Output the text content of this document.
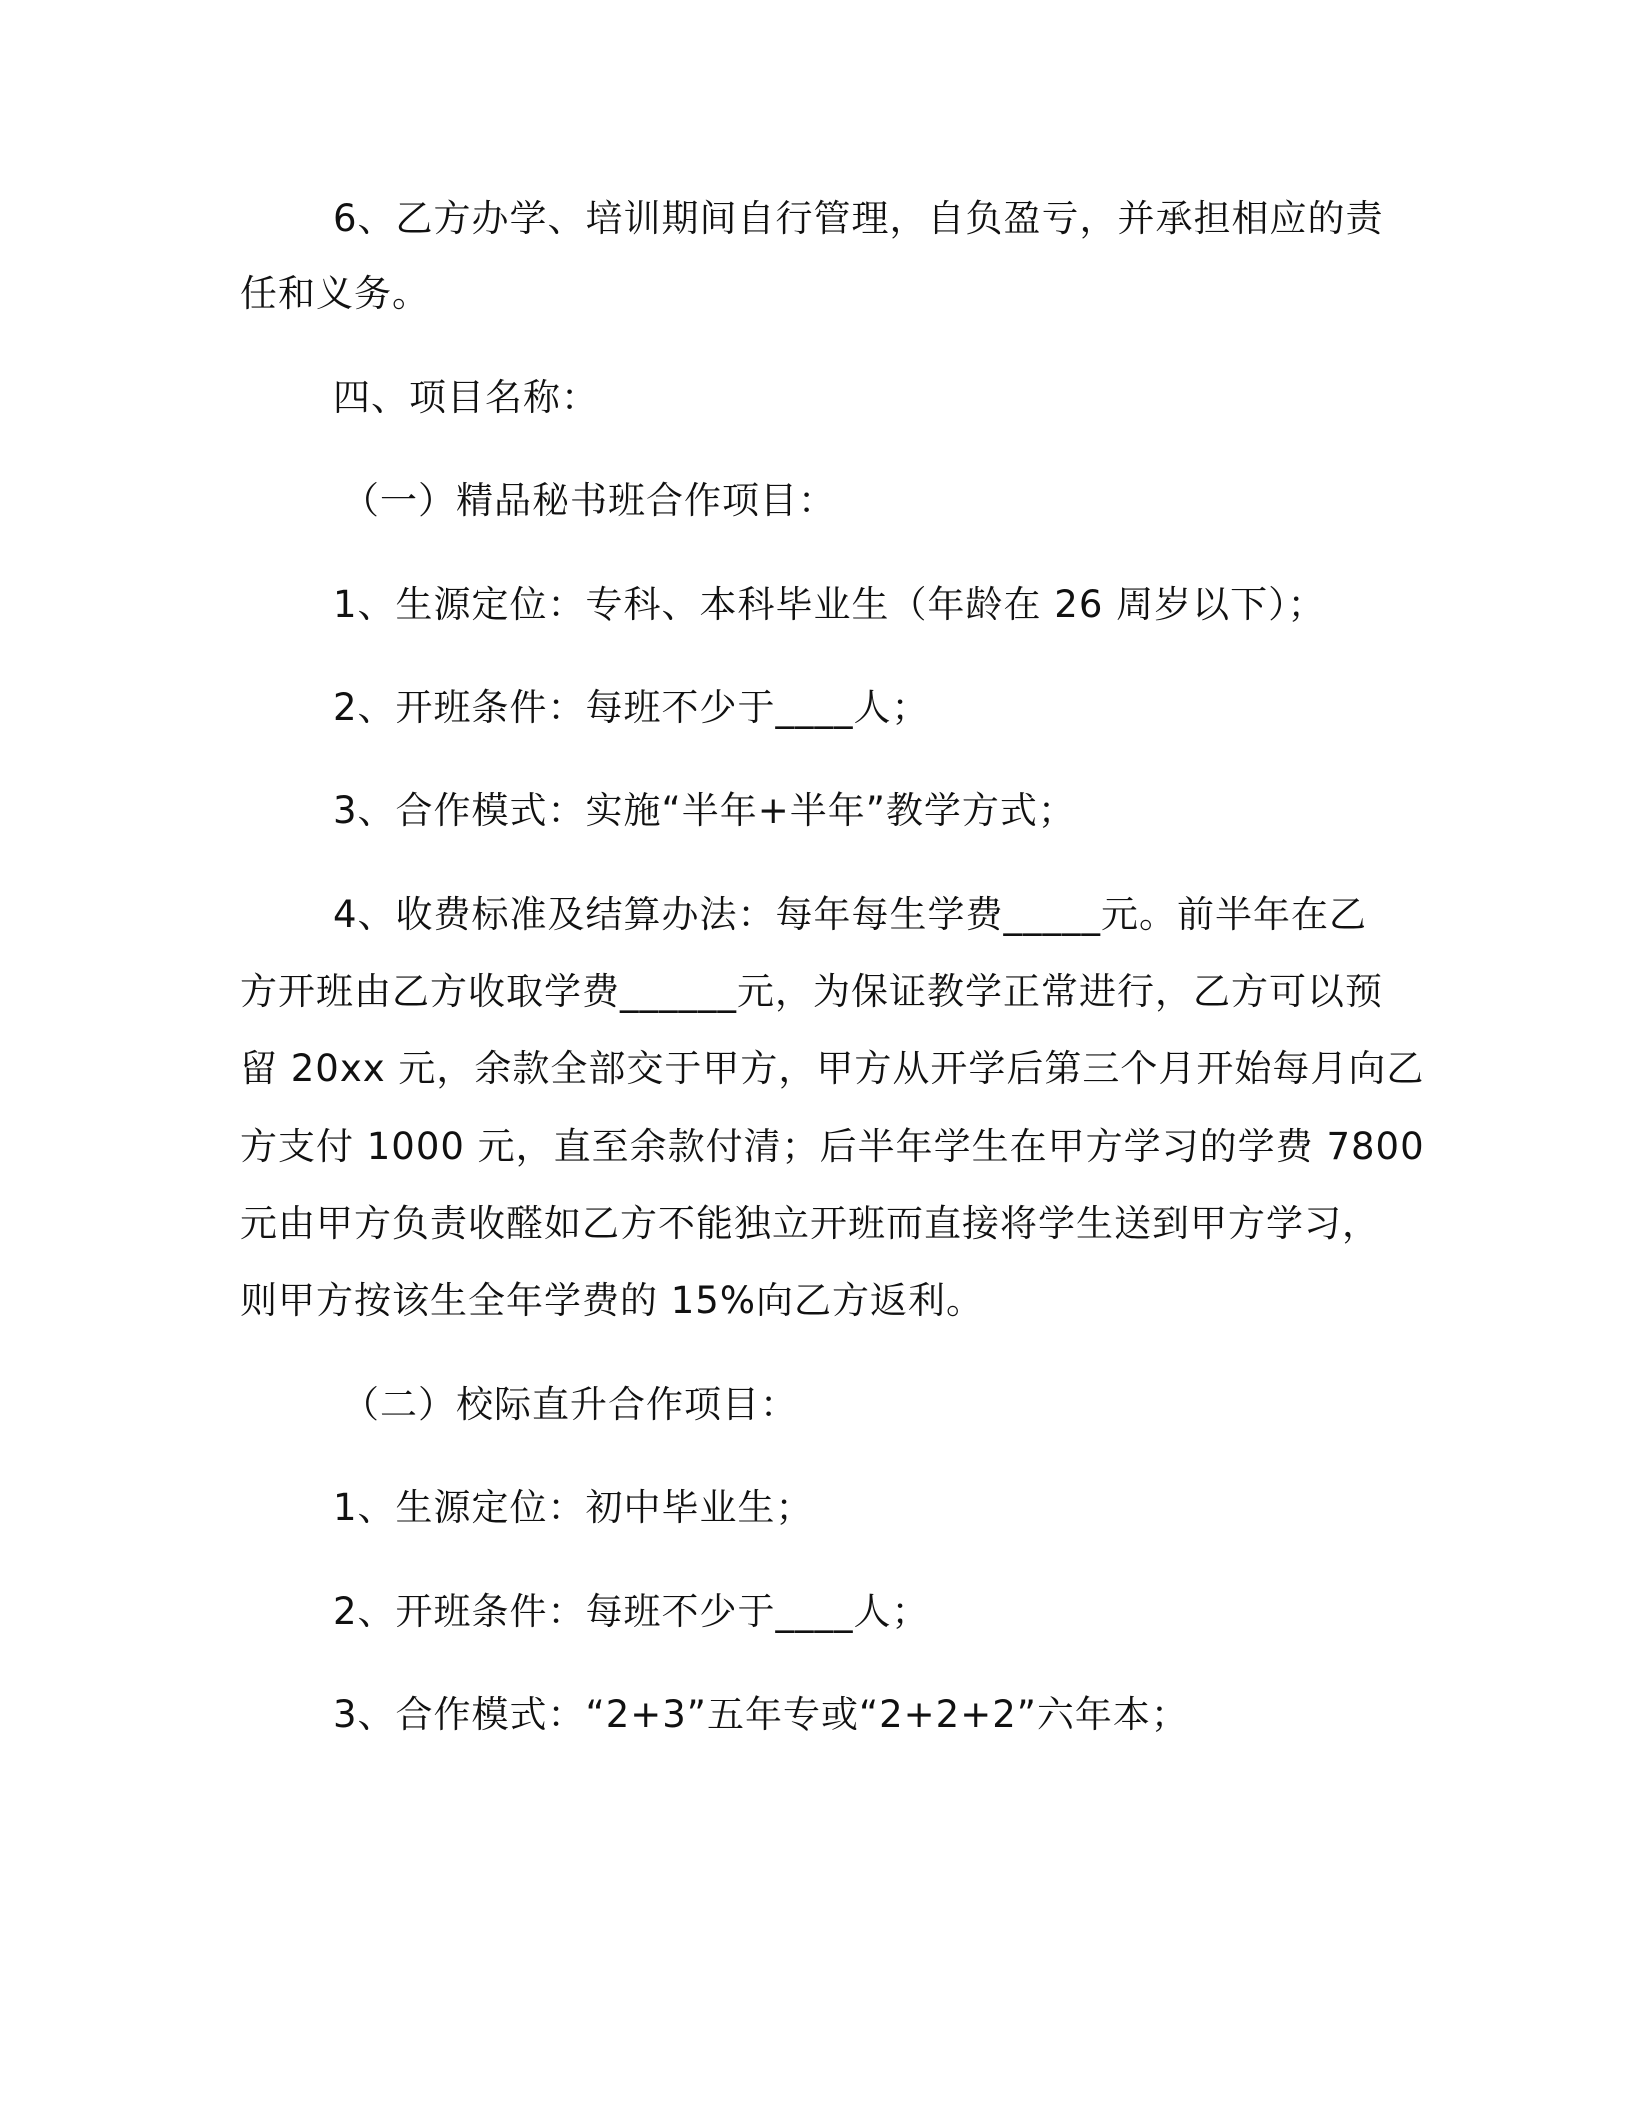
6、乙方办学、培训期间自行管理，自负盈亏，并承担相应的责
任和义务。
四、项目名称：
（一）精品秘书班合作项目：
1、生源定位：专科、本科毕业生（年龄在 26 周岁以下）；
2、开班条件：每班不少于____人；
3、合作模式：实施“半年+半年”教学方式；
4、收费标准及结算办法：每年每生学费_____元。前半年在乙
方开班由乙方收取学费______元，为保证教学正常进行，乙方可以预
留 20xx 元，余款全部交于甲方，甲方从开学后第三个月开始每月向乙
方支付 1000 元，直至余款付清；后半年学生在甲方学习的学费 7800
元由甲方负责收醛如乙方不能独立开班而直接将学生送到甲方学习，
则甲方按该生全年学费的 15%向乙方返利。
（二）校际直升合作项目：
1、生源定位：初中毕业生；
2、开班条件：每班不少于____人；
3、合作模式：“2+3”五年专或“2+2+2”六年本；
